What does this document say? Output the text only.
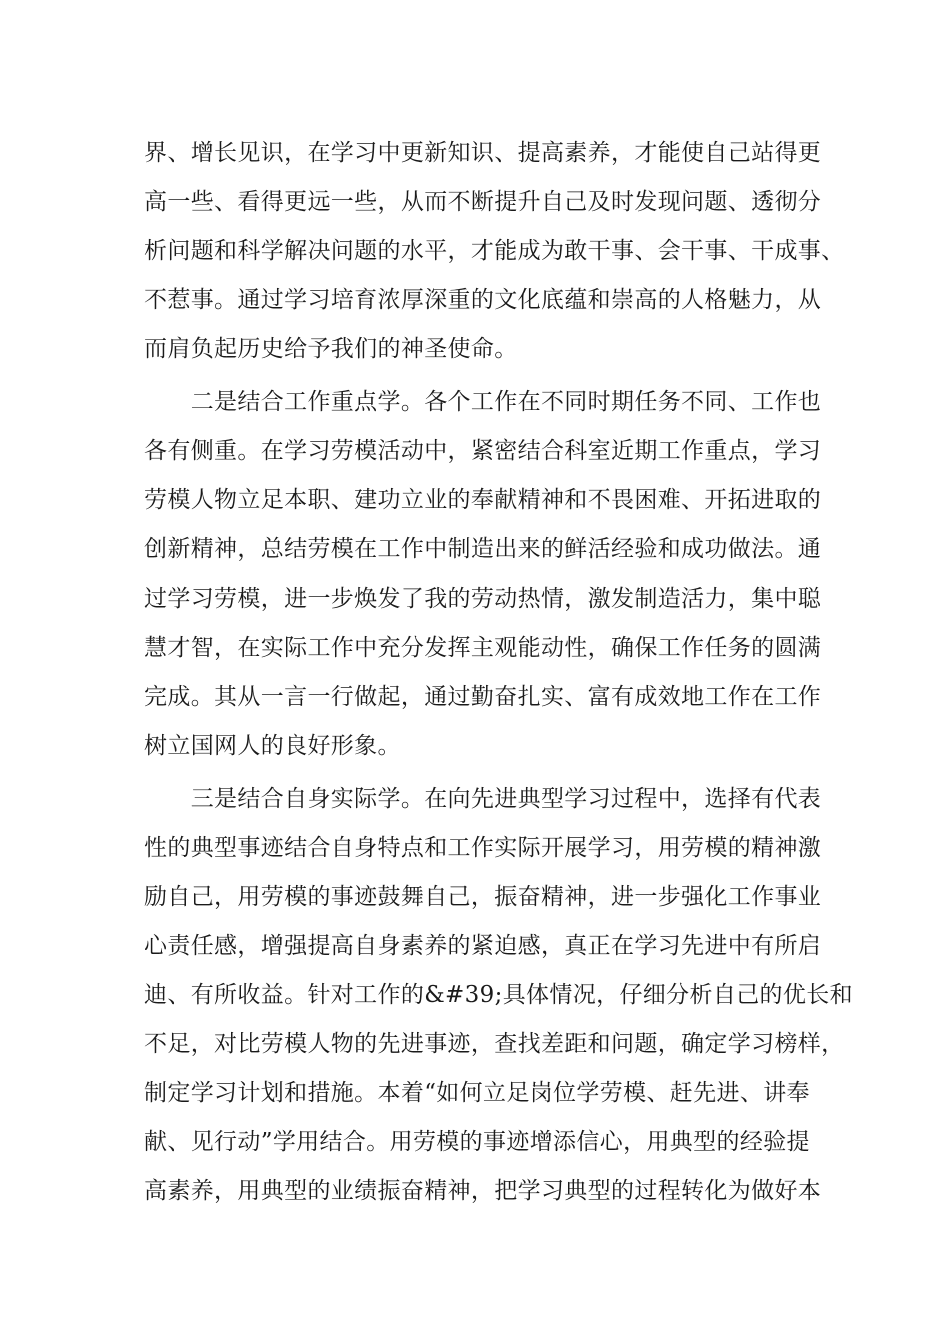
界、增长见识，在学习中更新知识、提高素养，才能使自己站得更
高一些、看得更远一些，从而不断提升自己及时发现问题、透彻分
析问题和科学解决问题的水平，才能成为敢干事、会干事、干成事、
不惹事。通过学习培育浓厚深重的文化底蕴和崇高的人格魅力，从
而肩负起历史给予我们的神圣使命。
　　二是结合工作重点学。各个工作在不同时期任务不同、工作也
各有侧重。在学习劳模活动中，紧密结合科室近期工作重点，学习
劳模人物立足本职、建功立业的奉献精神和不畏困难、开拓进取的
创新精神，总结劳模在工作中制造出来的鲜活经验和成功做法。通
过学习劳模，进一步焕发了我的劳动热情，激发制造活力，集中聪
慧才智，在实际工作中充分发挥主观能动性，确保工作任务的圆满
完成。其从一言一行做起，通过勤奋扎实、富有成效地工作在工作
树立国网人的良好形象。
　　三是结合自身实际学。在向先进典型学习过程中，选择有代表
性的典型事迹结合自身特点和工作实际开展学习，用劳模的精神激
励自己，用劳模的事迹鼓舞自己，振奋精神，进一步强化工作事业
心责任感，增强提高自身素养的紧迫感，真正在学习先进中有所启
迪、有所收益。针对工作的&#39;具体情况，仔细分析自己的优长和
不足，对比劳模人物的先进事迹，查找差距和问题，确定学习榜样，
制定学习计划和措施。本着“如何立足岗位学劳模、赶先进、讲奉
献、见行动”学用结合。用劳模的事迹增添信心，用典型的经验提
高素养，用典型的业绩振奋精神，把学习典型的过程转化为做好本
